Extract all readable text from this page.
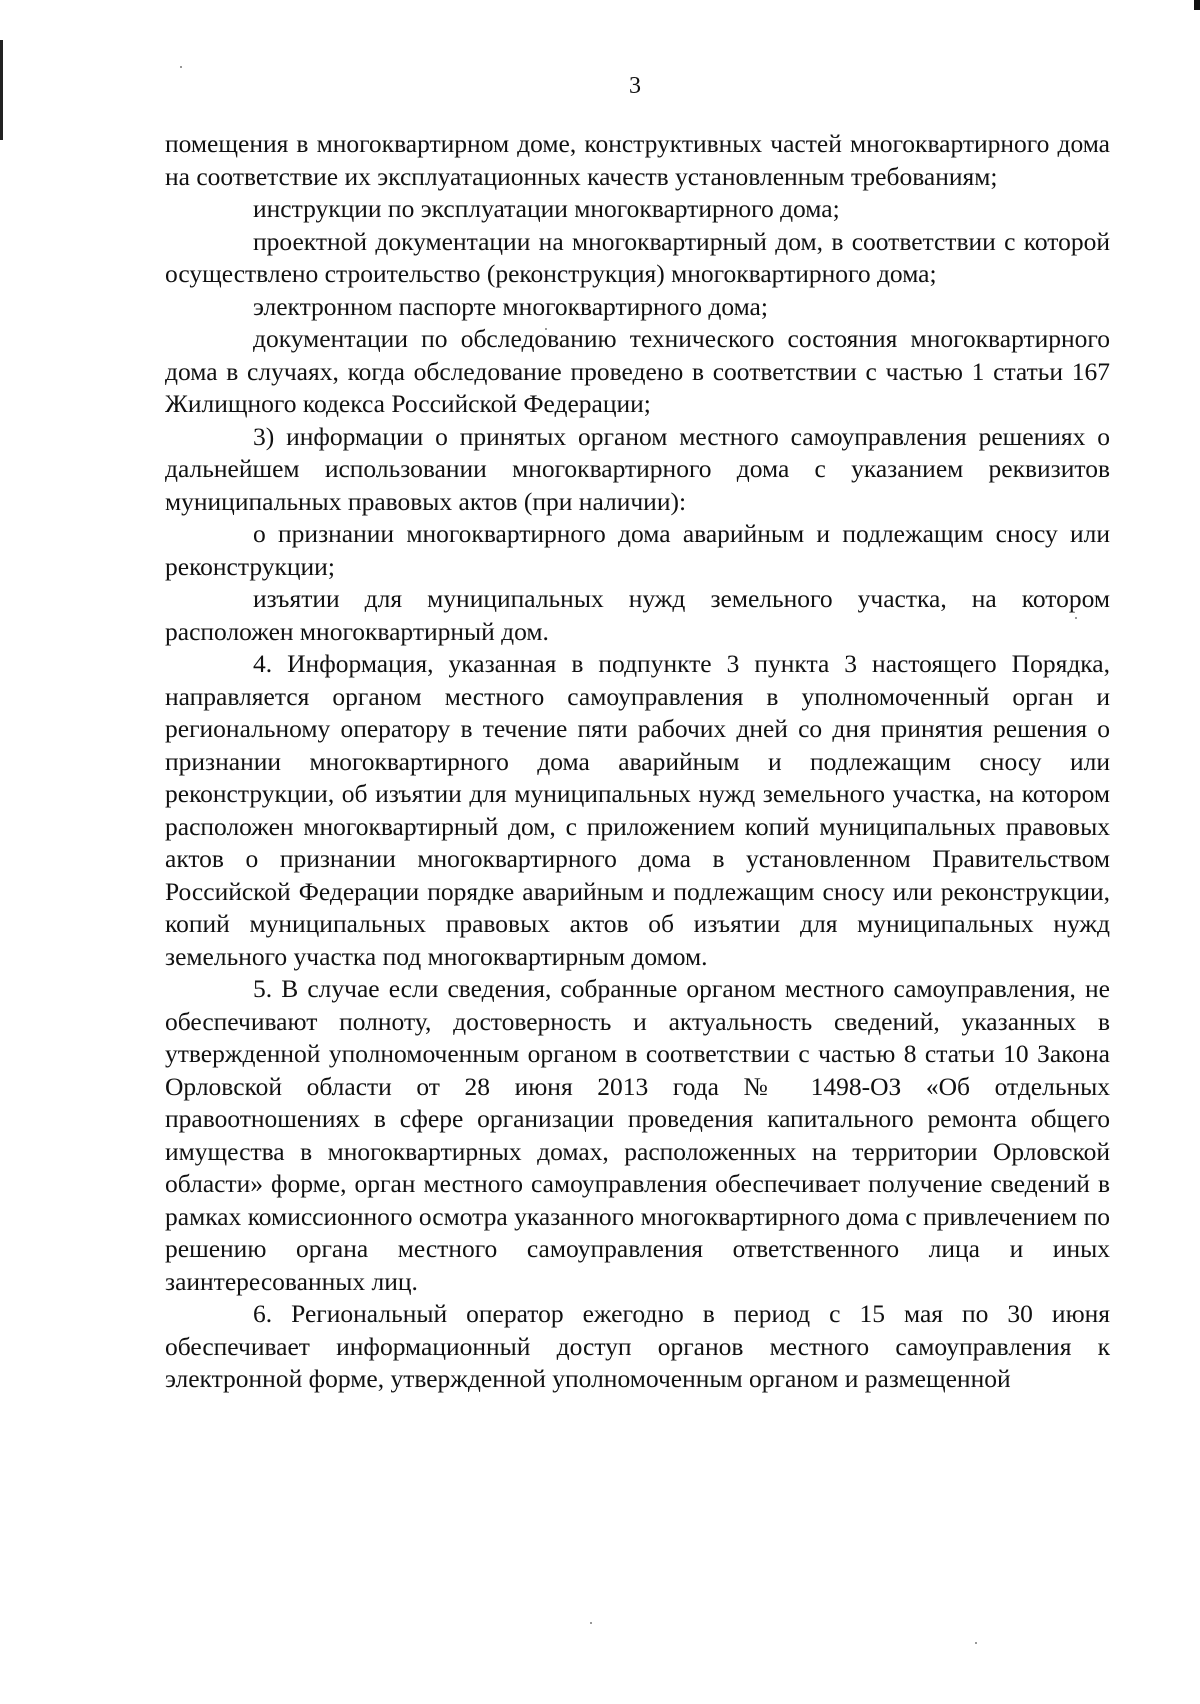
3

помещения в многоквартирном доме, конструктивных частей многоквартирного дома на соответствие их эксплуатационных качеств установленным требованиям;

инструкции по эксплуатации многоквартирного дома;

проектной документации на многоквартирный дом, в соответствии с которой осуществлено строительство (реконструкция) многоквартирного дома;

электронном паспорте многоквартирного дома;

документации по обследованию технического состояния многоквартирного дома в случаях, когда обследование проведено в соответствии с частью 1 статьи 167 Жилищного кодекса Российской Федерации;

3) информации о принятых органом местного самоуправления решениях о дальнейшем использовании многоквартирного дома с указанием реквизитов муниципальных правовых актов (при наличии):

о признании многоквартирного дома аварийным и подлежащим сносу или реконструкции;

изъятии для муниципальных нужд земельного участка, на котором расположен многоквартирный дом.

4. Информация, указанная в подпункте 3 пункта 3 настоящего Порядка, направляется органом местного самоуправления в уполномоченный орган и региональному оператору в течение пяти рабочих дней со дня принятия решения о признании многоквартирного дома аварийным и подлежащим сносу или реконструкции, об изъятии для муниципальных нужд земельного участка, на котором расположен многоквартирный дом, с приложением копий муниципальных правовых актов о признании многоквартирного дома в установленном Правительством Российской Федерации порядке аварийным и подлежащим сносу или реконструкции, копий муниципальных правовых актов об изъятии для муниципальных нужд земельного участка под многоквартирным домом.

5. В случае если сведения, собранные органом местного самоуправления, не обеспечивают полноту, достоверность и актуальность сведений, указанных в утвержденной уполномоченным органом в соответствии с частью 8 статьи 10 Закона Орловской области от 28 июня 2013 года № 1498-ОЗ «Об отдельных правоотношениях в сфере организации проведения капитального ремонта общего имущества в многоквартирных домах, расположенных на территории Орловской области» форме, орган местного самоуправления обеспечивает получение сведений в рамках комиссионного осмотра указанного многоквартирного дома с привлечением по решению органа местного самоуправления ответственного лица и иных заинтересованных лиц.

6. Региональный оператор ежегодно в период с 15 мая по 30 июня обеспечивает информационный доступ органов местного самоуправления к электронной форме, утвержденной уполномоченным органом и размещенной
